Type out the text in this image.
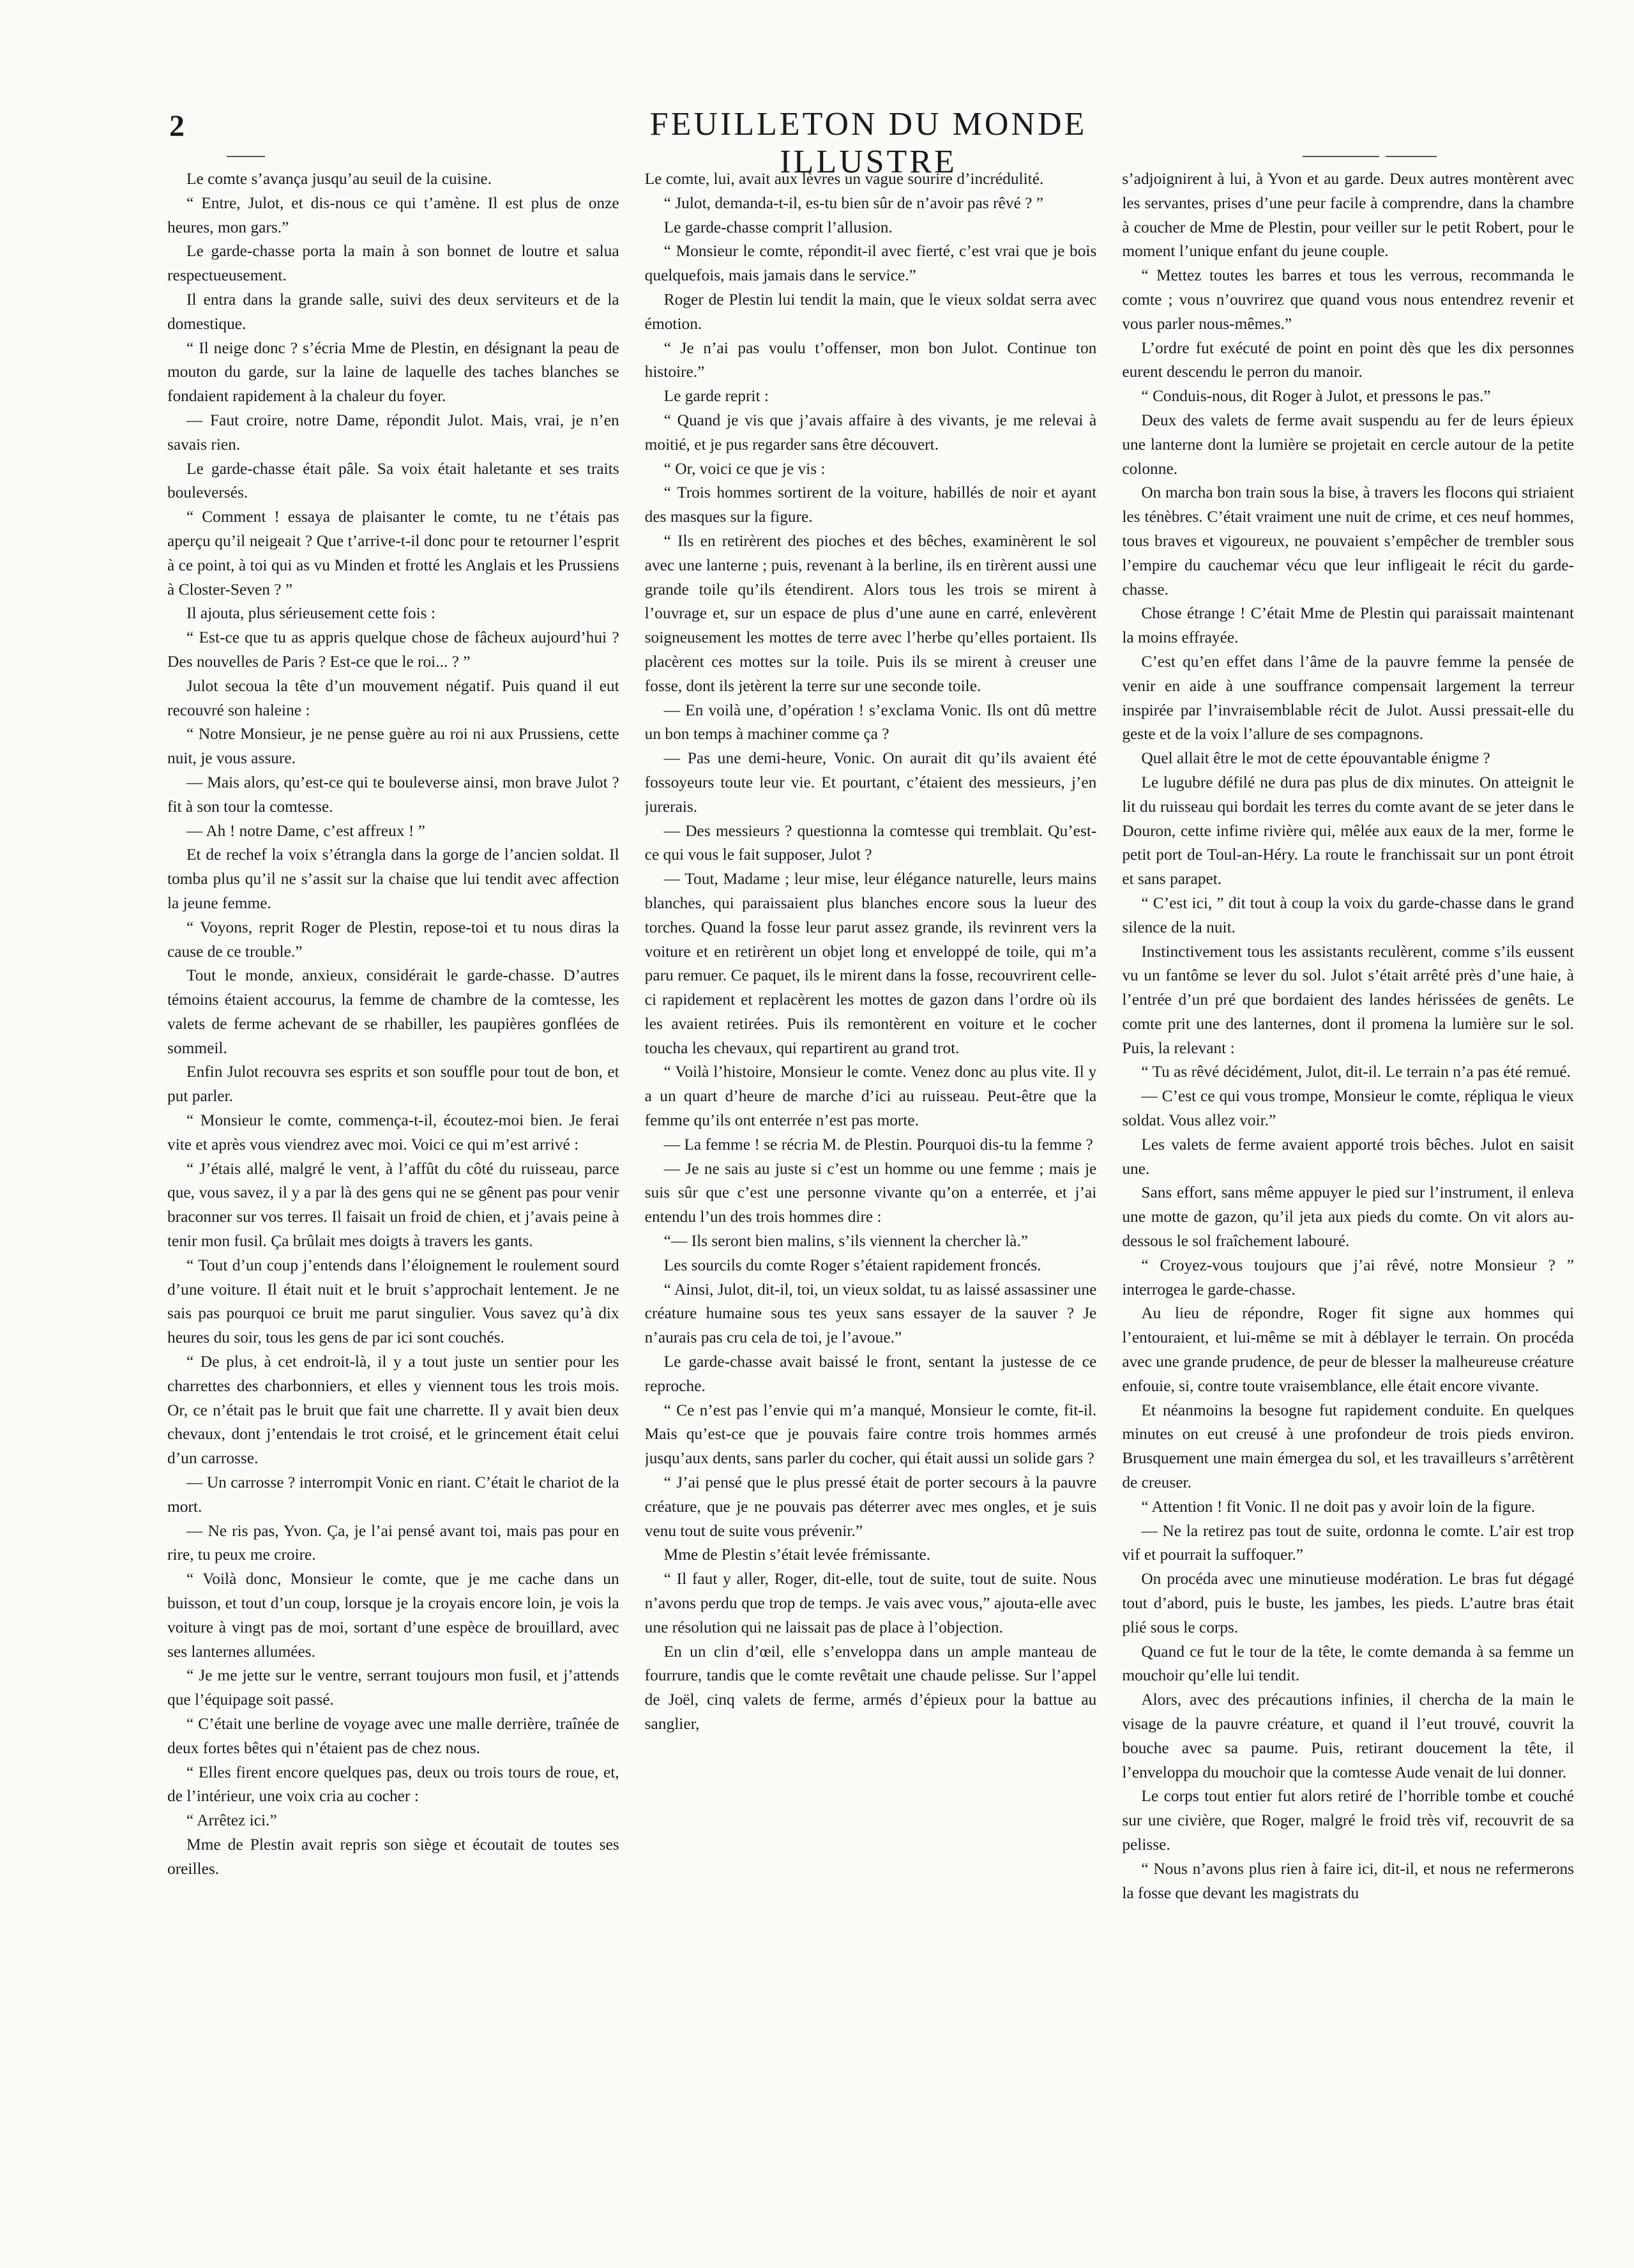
2	FEUILLETON DU MONDE ILLUSTRE

Le comte s’avança jusqu’au seuil de la cuisine.

“ Entre, Julot, et dis-nous ce qui t’amène. Il est plus de onze heures, mon gars.”

Le garde-chasse porta la main à son bonnet de loutre et salua respectueusement.

Il entra dans la grande salle, suivi des deux serviteurs et de la domestique.

“ Il neige donc ? s’écria Mme de Plestin, en désignant la peau de mouton du garde, sur la laine de laquelle des taches blanches se fondaient rapidement à la chaleur du foyer.

— Faut croire, notre Dame, répondit Julot. Mais, vrai, je n’en savais rien.

Le garde-chasse était pâle. Sa voix était haletante et ses traits bouleversés.

“ Comment ! essaya de plaisanter le comte, tu ne t’étais pas aperçu qu’il neigeait ? Que t’arrive-t-il donc pour te retourner l’esprit à ce point, à toi qui as vu Minden et frotté les Anglais et les Prussiens à Closter-Seven ? ”

Il ajouta, plus sérieusement cette fois :

“ Est-ce que tu as appris quelque chose de fâcheux aujourd’hui ? Des nouvelles de Paris ? Est-ce que le roi... ? ”

Julot secoua la tête d’un mouvement négatif. Puis quand il eut recouvré son haleine :

“ Notre Monsieur, je ne pense guère au roi ni aux Prussiens, cette nuit, je vous assure.

— Mais alors, qu’est-ce qui te bouleverse ainsi, mon brave Julot ? fit à son tour la comtesse.

— Ah ! notre Dame, c’est affreux ! ”

Et de rechef la voix s’étrangla dans la gorge de l’ancien soldat. Il tomba plus qu’il ne s’assit sur la chaise que lui tendit avec affection la jeune femme.

“ Voyons, reprit Roger de Plestin, repose-toi et tu nous diras la cause de ce trouble.”

Tout le monde, anxieux, considérait le garde-chasse. D’autres témoins étaient accourus, la femme de chambre de la comtesse, les valets de ferme achevant de se rhabiller, les paupières gonflées de sommeil.

Enfin Julot recouvra ses esprits et son souffle pour tout de bon, et put parler.

“ Monsieur le comte, commença-t-il, écoutez-moi bien. Je ferai vite et après vous viendrez avec moi. Voici ce qui m’est arrivé :

“ J’étais allé, malgré le vent, à l’affût du côté du ruisseau, parce que, vous savez, il y a par là des gens qui ne se gênent pas pour venir braconner sur vos terres. Il faisait un froid de chien, et j’avais peine à tenir mon fusil. Ça brûlait mes doigts à travers les gants.

“ Tout d’un coup j’entends dans l’éloignement le roulement sourd d’une voiture. Il était nuit et le bruit s’approchait lentement. Je ne sais pas pourquoi ce bruit me parut singulier. Vous savez qu’à dix heures du soir, tous les gens de par ici sont couchés.

“ De plus, à cet endroit-là, il y a tout juste un sentier pour les charrettes des charbonniers, et elles y viennent tous les trois mois. Or, ce n’était pas le bruit que fait une charrette. Il y avait bien deux chevaux, dont j’entendais le trot croisé, et le grincement était celui d’un carrosse.

— Un carrosse ? interrompit Vonic en riant. C’était le chariot de la mort.

— Ne ris pas, Yvon. Ça, je l’ai pensé avant toi, mais pas pour en rire, tu peux me croire.

“ Voilà donc, Monsieur le comte, que je me cache dans un buisson, et tout d’un coup, lorsque je la croyais encore loin, je vois la voiture à vingt pas de moi, sortant d’une espèce de brouillard, avec ses lanternes allumées.

“ Je me jette sur le ventre, serrant toujours mon fusil, et j’attends que l’équipage soit passé.

“ C’était une berline de voyage avec une malle derrière, traînée de deux fortes bêtes qui n’étaient pas de chez nous.

“ Elles firent encore quelques pas, deux ou trois tours de roue, et, de l’intérieur, une voix cria au cocher :

“ Arrêtez ici.”

Mme de Plestin avait repris son siège et écoutait de toutes ses oreilles.

Le comte, lui, avait aux lèvres un vague sourire d’incrédulité.

“ Julot, demanda-t-il, es-tu bien sûr de n’avoir pas rêvé ? ”

Le garde-chasse comprit l’allusion.

“ Monsieur le comte, répondit-il avec fierté, c’est vrai que je bois quelquefois, mais jamais dans le service.”

Roger de Plestin lui tendit la main, que le vieux soldat serra avec émotion.

“ Je n’ai pas voulu t’offenser, mon bon Julot. Continue ton histoire.”

Le garde reprit :

“ Quand je vis que j’avais affaire à des vivants, je me relevai à moitié, et je pus regarder sans être découvert.

“ Or, voici ce que je vis :

“ Trois hommes sortirent de la voiture, habillés de noir et ayant des masques sur la figure.

“ Ils en retirèrent des pioches et des bêches, examinèrent le sol avec une lanterne ; puis, revenant à la berline, ils en tirèrent aussi une grande toile qu’ils étendirent. Alors tous les trois se mirent à l’ouvrage et, sur un espace de plus d’une aune en carré, enlevèrent soigneusement les mottes de terre avec l’herbe qu’elles portaient. Ils placèrent ces mottes sur la toile. Puis ils se mirent à creuser une fosse, dont ils jetèrent la terre sur une seconde toile.

— En voilà une, d’opération ! s’exclama Vonic. Ils ont dû mettre un bon temps à machiner comme ça ?

— Pas une demi-heure, Vonic. On aurait dit qu’ils avaient été fossoyeurs toute leur vie. Et pourtant, c’étaient des messieurs, j’en jurerais.

— Des messieurs ? questionna la comtesse qui tremblait. Qu’est-ce qui vous le fait supposer, Julot ?

— Tout, Madame ; leur mise, leur élégance naturelle, leurs mains blanches, qui paraissaient plus blanches encore sous la lueur des torches. Quand la fosse leur parut assez grande, ils revinrent vers la voiture et en retirèrent un objet long et enveloppé de toile, qui m’a paru remuer. Ce paquet, ils le mirent dans la fosse, recouvrirent celle-ci rapidement et replacèrent les mottes de gazon dans l’ordre où ils les avaient retirées. Puis ils remontèrent en voiture et le cocher toucha les chevaux, qui repartirent au grand trot.

“ Voilà l’histoire, Monsieur le comte. Venez donc au plus vite. Il y a un quart d’heure de marche d’ici au ruisseau. Peut-être que la femme qu’ils ont enterrée n’est pas morte.

— La femme ! se récria M. de Plestin. Pourquoi dis-tu la femme ?

— Je ne sais au juste si c’est un homme ou une femme ; mais je suis sûr que c’est une personne vivante qu’on a enterrée, et j’ai entendu l’un des trois hommes dire :

“— Ils seront bien malins, s’ils viennent la chercher là.”

Les sourcils du comte Roger s’étaient rapidement froncés.

“ Ainsi, Julot, dit-il, toi, un vieux soldat, tu as laissé assassiner une créature humaine sous tes yeux sans essayer de la sauver ? Je n’aurais pas cru cela de toi, je l’avoue.”

Le garde-chasse avait baissé le front, sentant la justesse de ce reproche.

“ Ce n’est pas l’envie qui m’a manqué, Monsieur le comte, fit-il. Mais qu’est-ce que je pouvais faire contre trois hommes armés jusqu’aux dents, sans parler du cocher, qui était aussi un solide gars ?

“ J’ai pensé que le plus pressé était de porter secours à la pauvre créature, que je ne pouvais pas déterrer avec mes ongles, et je suis venu tout de suite vous prévenir.”

Mme de Plestin s’était levée frémissante.

“ Il faut y aller, Roger, dit-elle, tout de suite, tout de suite. Nous n’avons perdu que trop de temps. Je vais avec vous,” ajouta-elle avec une résolution qui ne laissait pas de place à l’objection.

En un clin d’œil, elle s’enveloppa dans un ample manteau de fourrure, tandis que le comte revêtait une chaude pelisse. Sur l’appel de Joël, cinq valets de ferme, armés d’épieux pour la battue au sanglier,

s’adjoignirent à lui, à Yvon et au garde. Deux autres montèrent avec les servantes, prises d’une peur facile à comprendre, dans la chambre à coucher de Mme de Plestin, pour veiller sur le petit Robert, pour le moment l’unique enfant du jeune couple.

“ Mettez toutes les barres et tous les verrous, recommanda le comte ; vous n’ouvrirez que quand vous nous entendrez revenir et vous parler nous-mêmes.”

L’ordre fut exécuté de point en point dès que les dix personnes eurent descendu le perron du manoir.

“ Conduis-nous, dit Roger à Julot, et pressons le pas.”

Deux des valets de ferme avait suspendu au fer de leurs épieux une lanterne dont la lumière se projetait en cercle autour de la petite colonne.

On marcha bon train sous la bise, à travers les flocons qui striaient les ténèbres. C’était vraiment une nuit de crime, et ces neuf hommes, tous braves et vigoureux, ne pouvaient s’empêcher de trembler sous l’empire du cauchemar vécu que leur infligeait le récit du garde-chasse.

Chose étrange ! C’était Mme de Plestin qui paraissait maintenant la moins effrayée.

C’est qu’en effet dans l’âme de la pauvre femme la pensée de venir en aide à une souffrance compensait largement la terreur inspirée par l’invraisemblable récit de Julot. Aussi pressait-elle du geste et de la voix l’allure de ses compagnons.

Quel allait être le mot de cette épouvantable énigme ?

Le lugubre défilé ne dura pas plus de dix minutes. On atteignit le lit du ruisseau qui bordait les terres du comte avant de se jeter dans le Douron, cette infime rivière qui, mêlée aux eaux de la mer, forme le petit port de Toul-an-Héry. La route le franchissait sur un pont étroit et sans parapet.

“ C’est ici, ” dit tout à coup la voix du garde-chasse dans le grand silence de la nuit.

Instinctivement tous les assistants reculèrent, comme s’ils eussent vu un fantôme se lever du sol. Julot s’était arrêté près d’une haie, à l’entrée d’un pré que bordaient des landes hérissées de genêts. Le comte prit une des lanternes, dont il promena la lumière sur le sol. Puis, la relevant :

“ Tu as rêvé décidément, Julot, dit-il. Le terrain n’a pas été remué.

— C’est ce qui vous trompe, Monsieur le comte, répliqua le vieux soldat. Vous allez voir.”

Les valets de ferme avaient apporté trois bêches. Julot en saisit une.

Sans effort, sans même appuyer le pied sur l’instrument, il enleva une motte de gazon, qu’il jeta aux pieds du comte. On vit alors au-dessous le sol fraîchement labouré.

“ Croyez-vous toujours que j’ai rêvé, notre Monsieur ? ” interrogea le garde-chasse.

Au lieu de répondre, Roger fit signe aux hommes qui l’entouraient, et lui-même se mit à déblayer le terrain. On procéda avec une grande prudence, de peur de blesser la malheureuse créature enfouie, si, contre toute vraisemblance, elle était encore vivante.

Et néanmoins la besogne fut rapidement conduite. En quelques minutes on eut creusé à une profondeur de trois pieds environ. Brusquement une main émergea du sol, et les travailleurs s’arrêtèrent de creuser.

“ Attention ! fit Vonic. Il ne doit pas y avoir loin de la figure.

— Ne la retirez pas tout de suite, ordonna le comte. L’air est trop vif et pourrait la suffoquer.”

On procéda avec une minutieuse modération. Le bras fut dégagé tout d’abord, puis le buste, les jambes, les pieds. L’autre bras était plié sous le corps.

Quand ce fut le tour de la tête, le comte demanda à sa femme un mouchoir qu’elle lui tendit.

Alors, avec des précautions infinies, il chercha de la main le visage de la pauvre créature, et quand il l’eut trouvé, couvrit la bouche avec sa paume. Puis, retirant doucement la tête, il l’enveloppa du mouchoir que la comtesse Aude venait de lui donner.

Le corps tout entier fut alors retiré de l’horrible tombe et couché sur une civière, que Roger, malgré le froid très vif, recouvrit de sa pelisse.

“ Nous n’avons plus rien à faire ici, dit-il, et nous ne refermerons la fosse que devant les magistrats du
